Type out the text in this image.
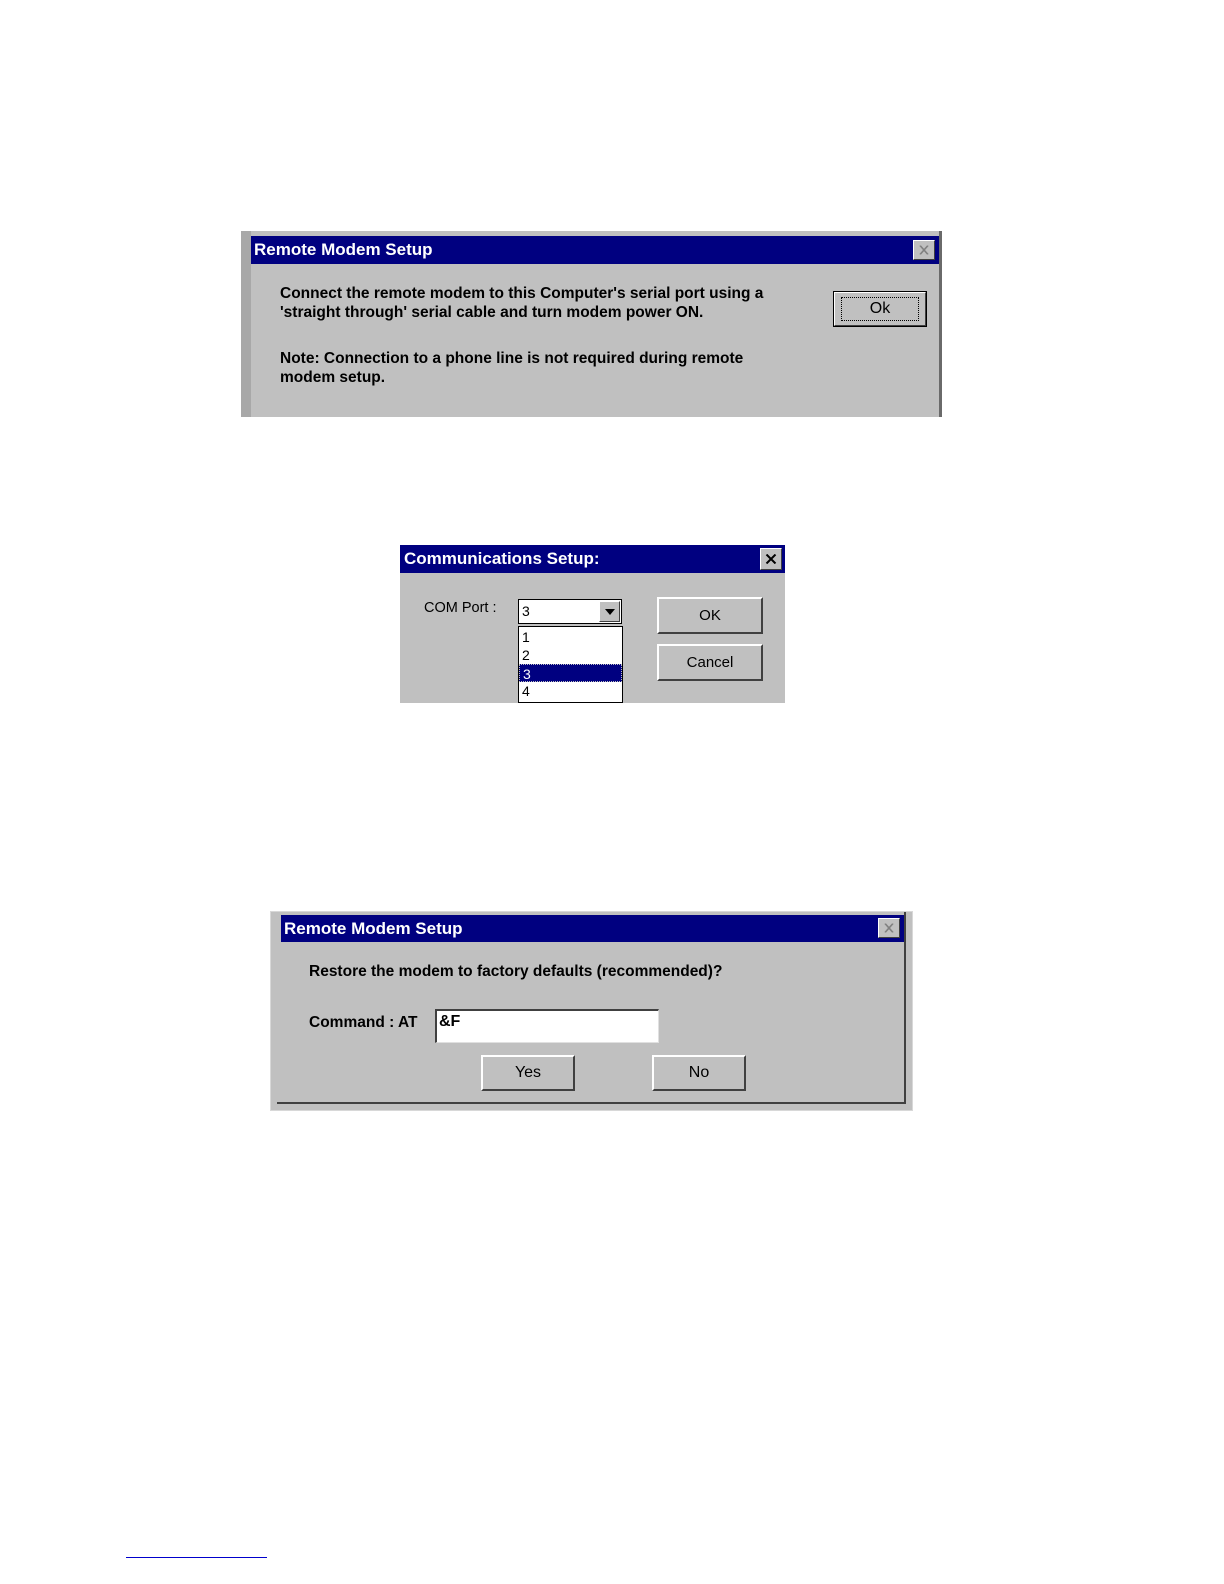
Remote Modem Setup
Connect the remote modem to this Computer's serial port using a
'straight through' serial cable and turn modem power ON.
Note: Connection to a phone line is not required during remote
modem setup.
Ok
Communications Setup:
COM Port : 3
1
2
3
4
OK
Cancel
Remote Modem Setup
Restore the modem to factory defaults (recommended)?
Command : AT &F
Yes	No
